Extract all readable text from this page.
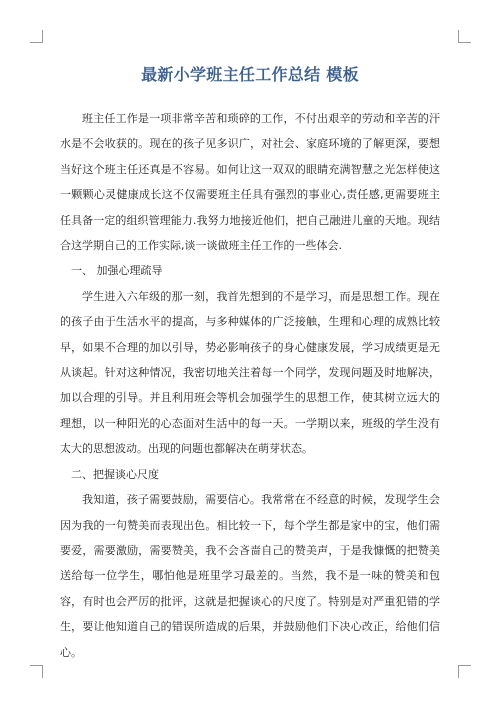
最新小学班主任工作总结 模板

班主任工作是一项非常辛苦和琐碎的工作，不付出艰辛的劳动和辛苦的汗水是不会收获的。现在的孩子见多识广，对社会、家庭环境的了解更深，要想当好这个班主任还真是不容易。如何让这一双双的眼睛充满智慧之光怎样使这一颗颗心灵健康成长这不仅需要班主任具有强烈的事业心,责任感,更需要班主任具备一定的组织管理能力.我努力地接近他们，把自己融进儿童的天地。现结合这学期自己的工作实际,谈一谈做班主任工作的一些体会.

一、 加强心理疏导

学生进入六年级的那一刻，我首先想到的不是学习，而是思想工作。现在的孩子由于生活水平的提高，与多种媒体的广泛接触，生理和心理的成熟比较早，如果不合理的加以引导，势必影响孩子的身心健康发展，学习成绩更是无从谈起。针对这种情况，我密切地关注着每一个同学，发现问题及时地解决，加以合理的引导。并且利用班会等机会加强学生的思想工作，使其树立远大的理想，以一种阳光的心态面对生活中的每一天。一学期以来，班级的学生没有太大的思想波动。出现的问题也都解决在萌芽状态。

二、把握谈心尺度

我知道，孩子需要鼓励，需要信心。我常常在不经意的时候，发现学生会因为我的一句赞美而表现出色。相比较一下，每个学生都是家中的宝，他们需要爱，需要激励，需要赞美，我不会吝啬自己的赞美声，于是我慷慨的把赞美送给每一位学生，哪怕他是班里学习最差的。当然，我不是一味的赞美和包容，有时也会严厉的批评，这就是把握谈心的尺度了。特别是对严重犯错的学生，要让他知道自己的错误所造成的后果，并鼓励他们下决心改正，给他们信心。
